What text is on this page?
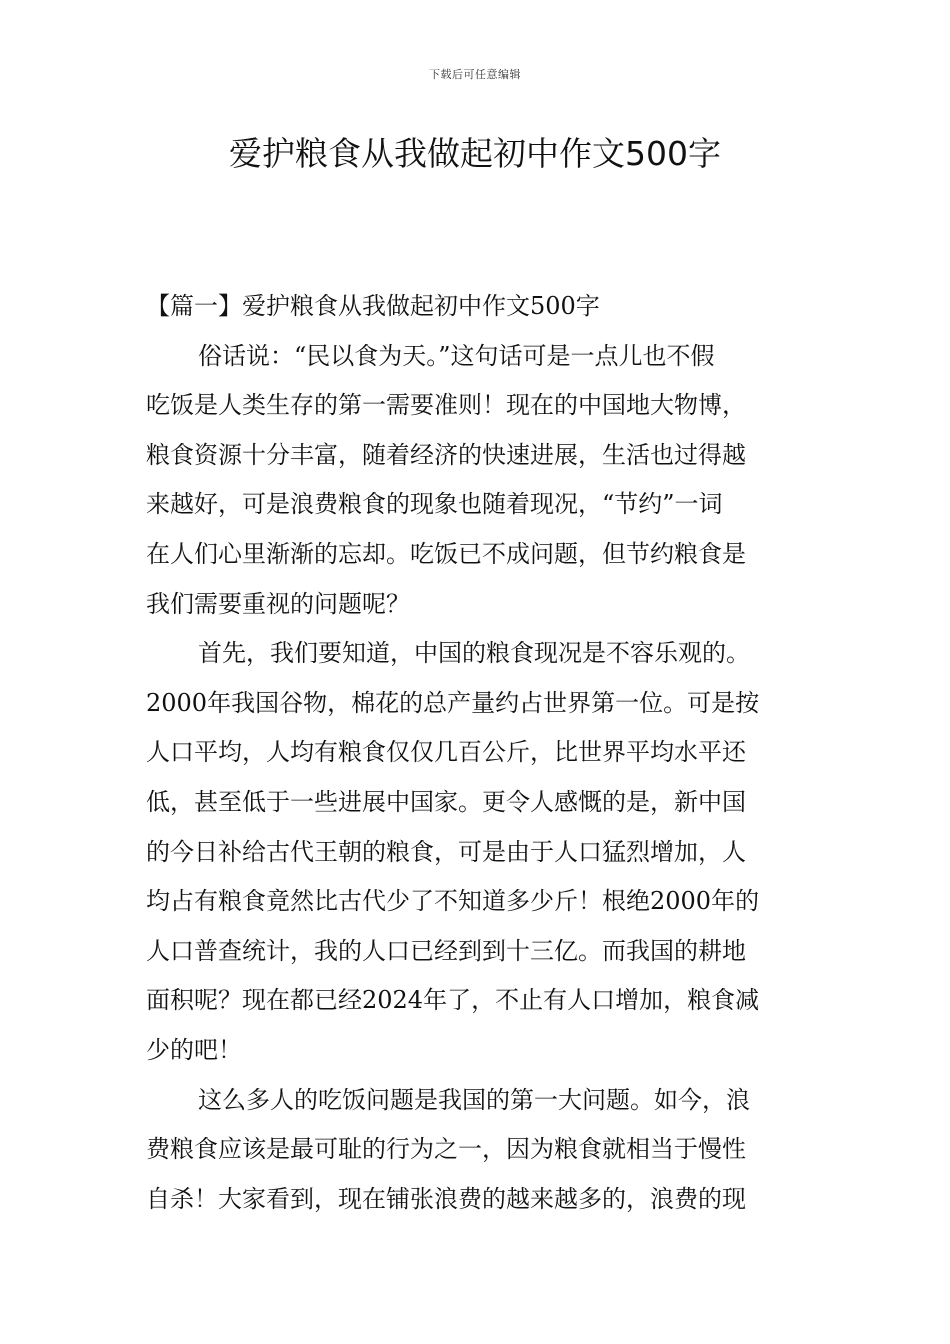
下载后可任意编辑
爱护粮食从我做起初中作文500字

【篇一】爱护粮食从我做起初中作文500字

俗话说：“民以食为天。”这句话可是一点儿也不假
吃饭是人类生存的第一需要准则！现在的中国地大物博，
粮食资源十分丰富，随着经济的快速进展，生活也过得越
来越好，可是浪费粮食的现象也随着现况，“节约”一词
在人们心里渐渐的忘却。吃饭已不成问题，但节约粮食是
我们需要重视的问题呢？
首先，我们要知道，中国的粮食现况是不容乐观的。
2000年我国谷物，棉花的总产量约占世界第一位。可是按
人口平均，人均有粮食仅仅几百公斤，比世界平均水平还
低，甚至低于一些进展中国家。更令人感慨的是，新中国
的今日补给古代王朝的粮食，可是由于人口猛烈增加，人
均占有粮食竟然比古代少了不知道多少斤！根绝2000年的
人口普查统计，我的人口已经到到十三亿。而我国的耕地
面积呢？现在都已经2024年了，不止有人口增加，粮食减
少的吧！
这么多人的吃饭问题是我国的第一大问题。如今，浪
费粮食应该是最可耻的行为之一，因为粮食就相当于慢性
自杀！大家看到，现在铺张浪费的越来越多的，浪费的现
